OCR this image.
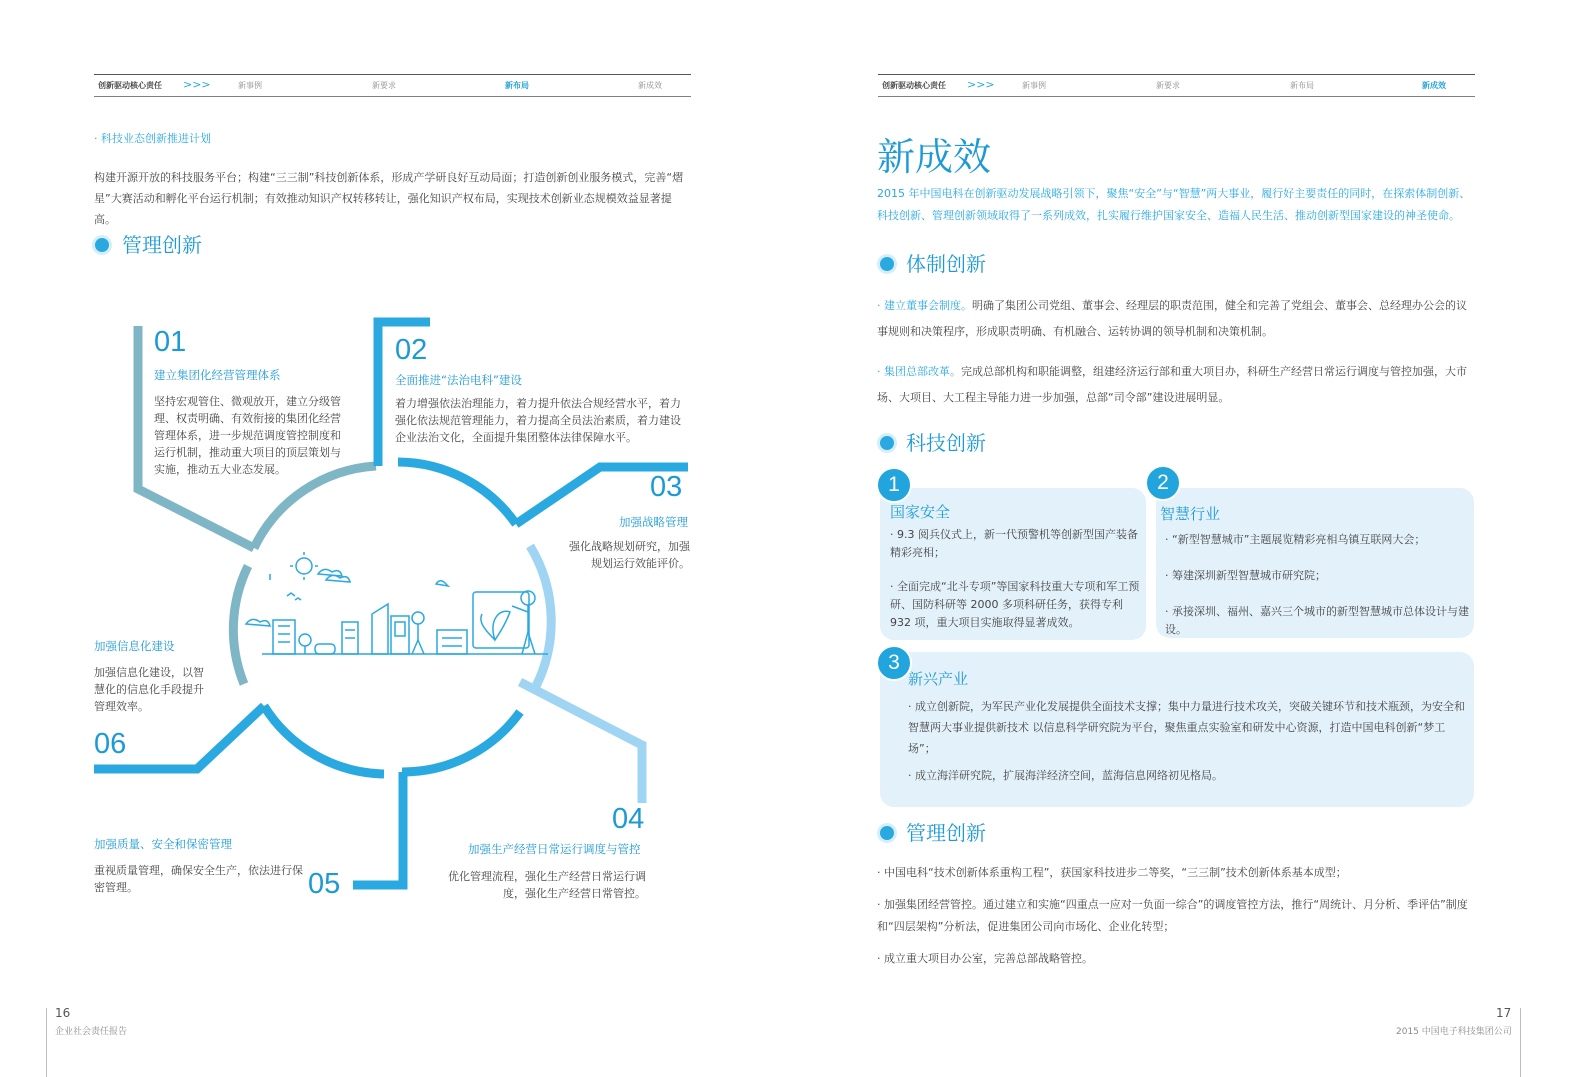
创新驱动核心责任 >>>	新事例	新要求	新布局	新成效
· 科技业态创新推进计划
构建开源开放的科技服务平台；构建“三三制”科技创新体系，形成产学研良好互动局面；打造创新创业服务模式，完善“熠星”大赛活动和孵化平台运行机制；有效推动知识产权转移转让，强化知识产权布局，实现技术创新业态规模效益显著提高。
管理创新
01
建立集团化经营管理体系
坚持宏观管住、微观放开，建立分级管理、权责明确、有效衔接的集团化经营管理体系，进一步规范调度管控制度和运行机制，推动重大项目的顶层策划与实施，推动五大业态发展。
02
全面推进“法治电科”建设
着力增强依法治理能力，着力提升依法合规经营水平，着力强化依法规范管理能力，着力提高全员法治素质，着力建设企业法治文化，全面提升集团整体法律保障水平。
03
加强战略管理
强化战略规划研究，加强规划运行效能评价。
04
加强生产经营日常运行调度与管控
优化管理流程，强化生产经营日常运行调度，强化生产经营日常管控。
05
加强质量、安全和保密管理
重视质量管理，确保安全生产，依法进行保密管理。
06
加强信息化建设
加强信息化建设，以智慧化的信息化手段提升管理效率。
16
企业社会责任报告
创新驱动核心责任 >>>	新事例	新要求	新布局	新成效
新成效
2015 年中国电科在创新驱动发展战略引领下，聚焦“安全”与“智慧”两大事业，履行好主要责任的同时，在探索体制创新、科技创新、管理创新领域取得了一系列成效，扎实履行维护国家安全、造福人民生活、推动创新型国家建设的神圣使命。
体制创新
· 建立董事会制度。明确了集团公司党组、董事会、经理层的职责范围，健全和完善了党组会、董事会、总经理办公会的议事规则和决策程序，形成职责明确、有机融合、运转协调的领导机制和决策机制。
· 集团总部改革。完成总部机构和职能调整，组建经济运行部和重大项目办，科研生产经营日常运行调度与管控加强，大市场、大项目、大工程主导能力进一步加强，总部“司令部”建设进展明显。
科技创新
1
国家安全
· 9.3 阅兵仪式上，新一代预警机等创新型国产装备精彩亮相；
· 全面完成“北斗专项”等国家科技重大专项和军工预研、国防科研等 2000 多项科研任务，获得专利 932 项，重大项目实施取得显著成效。
2
智慧行业
· “新型智慧城市”主题展览精彩亮相乌镇互联网大会；
· 筹建深圳新型智慧城市研究院；
· 承接深圳、福州、嘉兴三个城市的新型智慧城市总体设计与建设。
3
新兴产业
· 成立创新院，为军民产业化发展提供全面技术支撑；集中力量进行技术攻关，突破关键环节和技术瓶颈，为安全和智慧两大事业提供新技术 以信息科学研究院为平台，聚焦重点实验室和研发中心资源，打造中国电科创新“梦工场”；
· 成立海洋研究院，扩展海洋经济空间，蓝海信息网络初见格局。
管理创新
· 中国电科“技术创新体系重构工程”，获国家科技进步二等奖，“三三制”技术创新体系基本成型；
· 加强集团经营管控。通过建立和实施“四重点一应对一负面一综合”的调度管控方法，推行“周统计、月分析、季评估”制度和“四层架构”分析法，促进集团公司向市场化、企业化转型；
· 成立重大项目办公室，完善总部战略管控。
17
2015 中国电子科技集团公司
